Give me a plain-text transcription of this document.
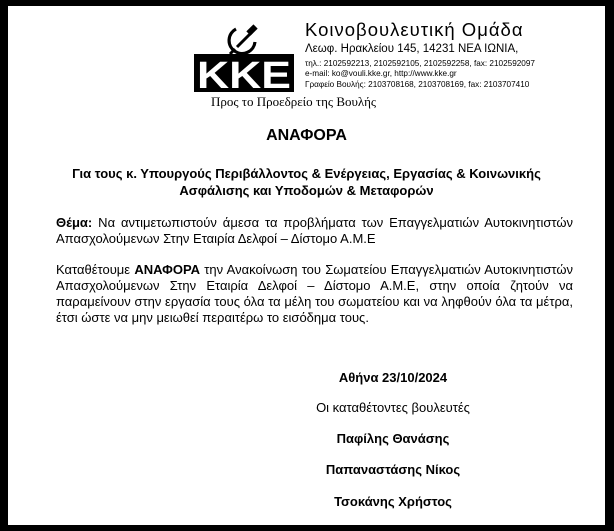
ΚΚΕ
Κοινοβουλευτική Ομάδα
Λεωφ. Ηρακλείου 145, 14231 ΝΕΑ ΙΩΝΙΑ,
τηλ.: 2102592213, 2102592105, 2102592258, fax: 2102592097
e-mail: ko@vouli.kke.gr, http://www.kke.gr
Γραφείο Βουλής: 2103708168, 2103708169, fax: 2103707410
Προς το Προεδρείο της Βουλής
ΑΝΑΦΟΡΑ
Για τους κ. Υπουργούς Περιβάλλοντος & Ενέργειας, Εργασίας & Κοινωνικής
Ασφάλισης και Υποδομών & Μεταφορών
Θέμα: Να αντιμετωπιστούν άμεσα τα προβλήματα των Επαγγελματιών Αυτοκινητιστών
Απασχολούμενων Στην Εταιρία Δελφοί – Δίστομο Α.Μ.Ε
Καταθέτουμε ΑΝΑΦΟΡΑ την Ανακοίνωση του Σωματείου Επαγγελματιών Αυτοκινητιστών
Απασχολούμενων Στην Εταιρία Δελφοί – Δίστομο Α.Μ.Ε, στην οποία ζητούν να
παραμείνουν στην εργασία τους όλα τα μέλη του σωματείου και να ληφθούν όλα τα μέτρα,
έτσι ώστε να μην μειωθεί περαιτέρω το εισόδημα τους.
Αθήνα 23/10/2024
Οι καταθέτοντες βουλευτές
Παφίλης Θανάσης
Παπαναστάσης Νίκος
Τσοκάνης Χρήστος
